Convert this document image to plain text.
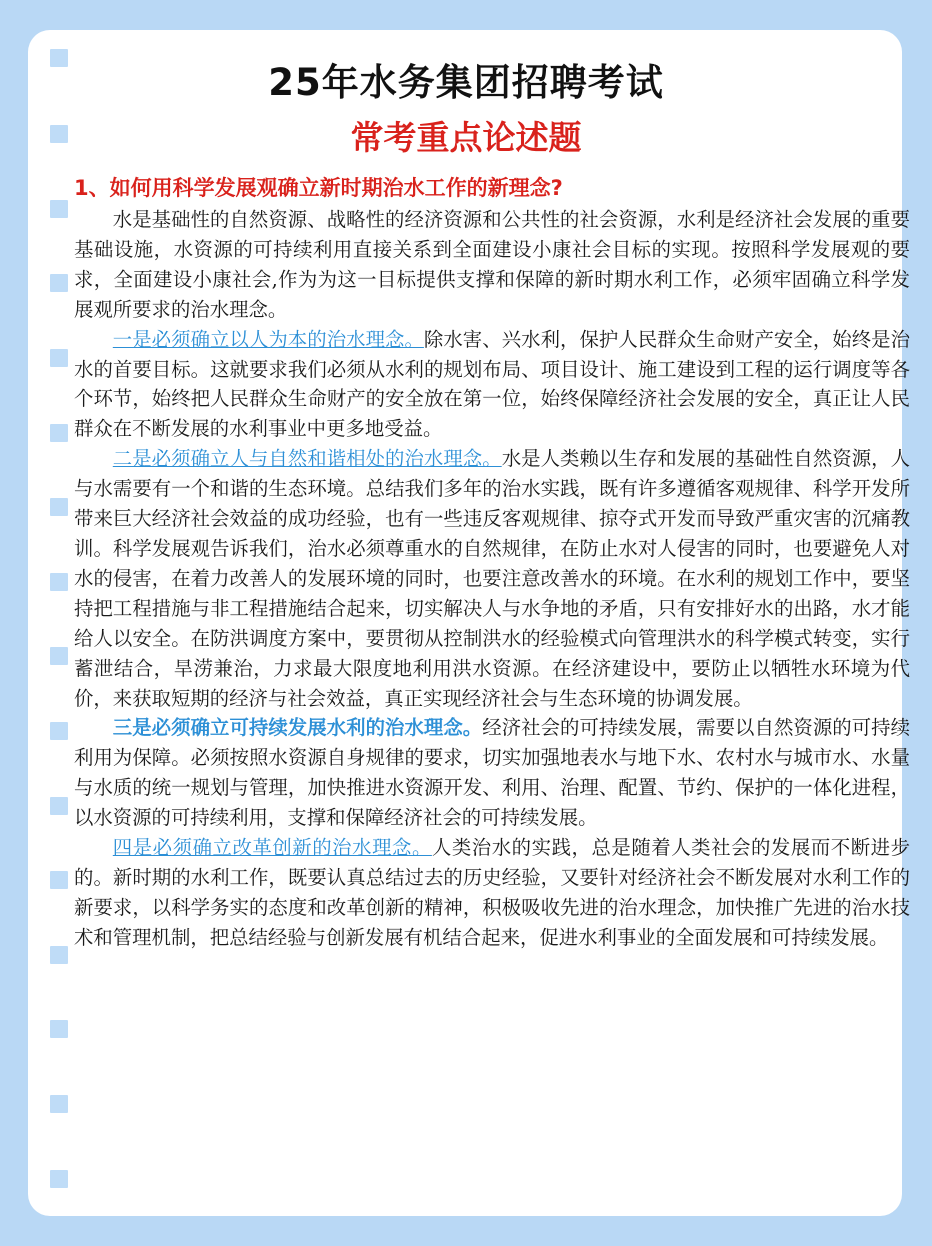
25年水务集团招聘考试
常考重点论述题
1、如何用科学发展观确立新时期治水工作的新理念?

水是基础性的自然资源、战略性的经济资源和公共性的社会资源，水利是经济社会发展的重要基础设施，水资源的可持续利用直接关系到全面建设小康社会目标的实现。按照科学发展观的要求，全面建设小康社会,作为为这一目标提供支撑和保障的新时期水利工作，必须牢固确立科学发展观所要求的治水理念。

一是必须确立以人为本的治水理念。除水害、兴水利，保护人民群众生命财产安全，始终是治水的首要目标。这就要求我们必须从水利的规划布局、项目设计、施工建设到工程的运行调度等各个环节，始终把人民群众生命财产的安全放在第一位，始终保障经济社会发展的安全，真正让人民群众在不断发展的水利事业中更多地受益。

二是必须确立人与自然和谐相处的治水理念。水是人类赖以生存和发展的基础性自然资源，人与水需要有一个和谐的生态环境。总结我们多年的治水实践，既有许多遵循客观规律、科学开发所带来巨大经济社会效益的成功经验，也有一些违反客观规律、掠夺式开发而导致严重灾害的沉痛教训。科学发展观告诉我们，治水必须尊重水的自然规律，在防止水对人侵害的同时，也要避免人对水的侵害，在着力改善人的发展环境的同时，也要注意改善水的环境。在水利的规划工作中，要坚持把工程措施与非工程措施结合起来，切实解决人与水争地的矛盾，只有安排好水的出路，水才能给人以安全。在防洪调度方案中，要贯彻从控制洪水的经验模式向管理洪水的科学模式转变，实行蓄泄结合，旱涝兼治，力求最大限度地利用洪水资源。在经济建设中，要防止以牺牲水环境为代价，来获取短期的经济与社会效益，真正实现经济社会与生态环境的协调发展。

三是必须确立可持续发展水利的治水理念。经济社会的可持续发展，需要以自然资源的可持续利用为保障。必须按照水资源自身规律的要求，切实加强地表水与地下水、农村水与城市水、水量与水质的统一规划与管理，加快推进水资源开发、利用、治理、配置、节约、保护的一体化进程，以水资源的可持续利用，支撑和保障经济社会的可持续发展。

四是必须确立改革创新的治水理念。人类治水的实践，总是随着人类社会的发展而不断进步的。新时期的水利工作，既要认真总结过去的历史经验，又要针对经济社会不断发展对水利工作的新要求，以科学务实的态度和改革创新的精神，积极吸收先进的治水理念，加快推广先进的治水技术和管理机制，把总结经验与创新发展有机结合起来，促进水利事业的全面发展和可持续发展。
